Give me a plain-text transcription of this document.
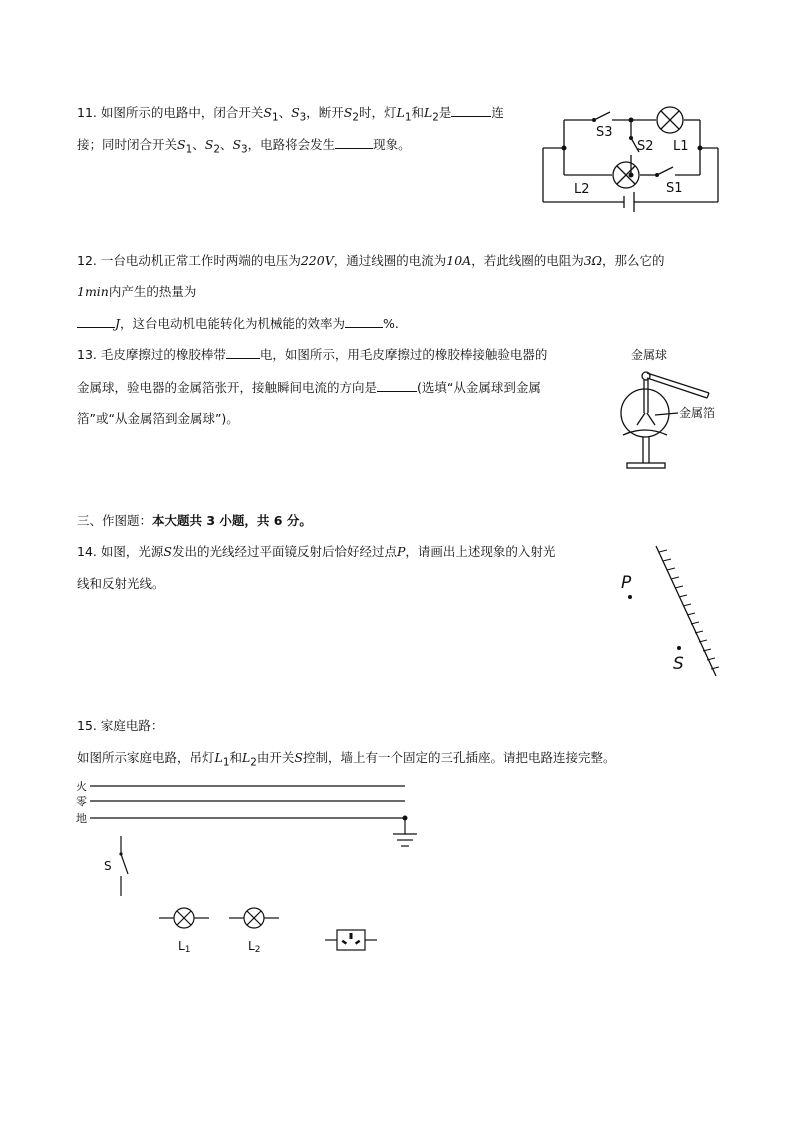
11. 如图所示的电路中，闭合开关$S_1$、$S_3$，断开$S_2$时，灯$L_1$和$L_2$是	连
接；同时闭合开关$S_1$、$S_2$、$S_3$，电路将会发生	现象。
S3
S2 L1
L2	S1
12. 一台电动机正常工作时两端的电压为220V，通过线圈的电流为10A，若此线圈的电阻为3Ω，那么它的
1min内产生的热量为
J，这台电动机电能转化为机械能的效率为	%.
13. 毛皮摩擦过的橡胶棒带	电，如图所示，用毛皮摩擦过的橡胶棒接触验电器的
金属球，验电器的金属箔张开，接触瞬间电流的方向是	(选填“从金属球到金属
箔”或“从金属箔到金属球”)。
金属球
金属箔
三、作图题：本大题共 3 小题，共 6 分。
14. 如图，光源S发出的光线经过平面镜反射后恰好经过点P，请画出上述现象的入射光
线和反射光线。	P
S
15. 家庭电路：
如图所示家庭电路，吊灯$L_1$和$L_2$由开关S控制，墙上有一个固定的三孔插座。请把电路连接完整。
火
零
地
S
L1	L2
